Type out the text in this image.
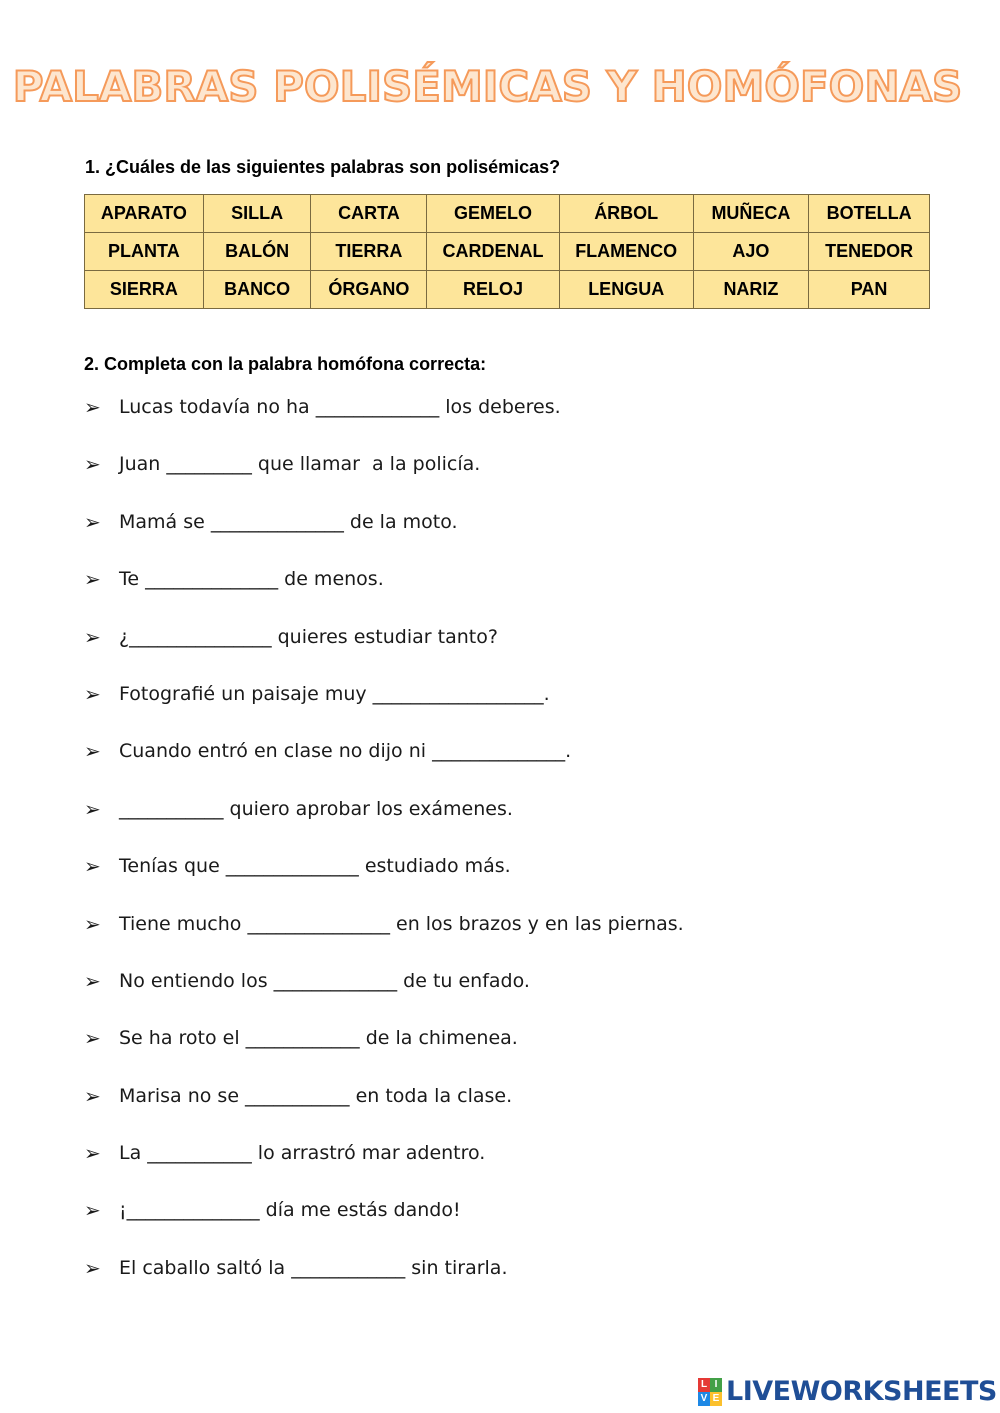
PALABRAS POLISÉMICAS Y HOMÓFONAS
1. ¿Cuáles de las siguientes palabras son polisémicas?
APARATO	SILLA	CARTA	GEMELO	ÁRBOL	MUÑECA	BOTELLA
PLANTA	BALÓN	TIERRA	CARDENAL	FLAMENCO	AJO	TENEDOR
SIERRA	BANCO	ÓRGANO	RELOJ	LENGUA	NARIZ	PAN
2. Completa con la palabra homófona correcta:
➢ Lucas todavía no ha _____________ los deberes.
➢ Juan _________ que llamar  a la policía.
➢ Mamá se ______________ de la moto.
➢ Te ______________ de menos.
➢ ¿_______________ quieres estudiar tanto?
➢ Fotografié un paisaje muy __________________.
➢ Cuando entró en clase no dijo ni ______________.
➢ ___________ quiero aprobar los exámenes.
➢ Tenías que ______________ estudiado más.
➢ Tiene mucho _______________ en los brazos y en las piernas.
➢ No entiendo los _____________ de tu enfado.
➢ Se ha roto el ____________ de la chimenea.
➢ Marisa no se ___________ en toda la clase.
➢ La ___________ lo arrastró mar adentro.
➢ ¡______________ día me estás dando!
➢ El caballo saltó la ____________ sin tirarla.
L I
V E LIVEWORKSHEETS
